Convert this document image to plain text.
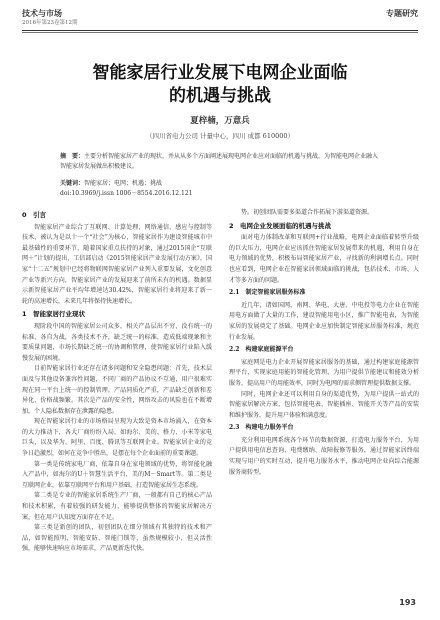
技术与市场
2016年第23卷第12期
专题研究
智能家居行业发展下电网企业面临
的机遇与挑战
夏梓楠，万意兵
（四川省电力公司 计量中心，四川 成都 610000）
摘　要：主要分析智能家居产业的现状，并从从多个方面阐述展现电网企业应对面临的机遇与挑战，为智能电网企业融入智能家居发展做出积极建议。
关键词：智能家居；电网；机遇；挑战
doi:10.3969/j.issn 1006－8554.2016.12.121
0　引言

智能家居产业综合了互联网、计算处理、网络通信、感应与控制等技术，被认为是以十一个“社会”为核心，智能家居作为建设智能城市中最基础性的重要环节，随着国家重点扶持的对象，通过2015国企“互联网＋”计划的提出，工信部启动《2015智能家居产业发展行动方案》，国家“十二五”规划中已经将物联网智能家居产业列入重要发展，文化创意产业等新兴方向，智能家居产业的发展迎来了前所未有的机遇。数据显示新智能家居产业平均年增速达30.42%，智能家居行业将迎来了新一轮的高速增长，未来几年将保持快速增长。

1　智能家居行业现状

现阶段中国的智能家居公司众多，相关产品层出不穷，没有统一的标准，各自为战，各类技术不齐，缺乏统一的标准，造成低端现象和主要质量问题，市场长期缺乏统一的协调和管理，使智能家居行业陷入缓慢发展的困境。

目前智能家居行业还存在诸多问题和安全隐患问题：首先，技术层面及与其他设备兼容性问题，不同厂商的产品协议不互通，用户很难实现在同一平台上统一的控制管理。产品同质化严重，产品缺乏创新和差异化，价格战频繁。其次是产品的安全性，网络攻击的风险也在不断增加，个人隐私数据存在泄露的隐患。

现在智能家居行业的市场格局呈现为大致是资本市场涌入，在资本的大力推动下，各大厂商纷纷入局，如海尔、美的、格力、小米等家电巨头，以及华为、阿里、百度、腾讯等互联网企业。智能家居企业的竞争日趋激烈，如何在竞争中胜出，是摆在每个企业面前的重要课题。

第一类是传统家电厂商，依靠自身在家电领域的优势，将智能化融入产品中，如海尔的U＋智慧生活平台，美的M－Smart等。第二类是互联网企业，依靠互联网平台和用户基础，打造智能家居生态系统。

第二类是专业的智能家居系统生产厂商，一般都有自己的核心产品和技术积累，有着较强的研发能力，能够提供整体的智能家居解决方案，但在用户认知度方面存在不足。

第三类是新创的团队，初创团队在细分领域有其独特的技术和产品，如智能照明、智能安防、智能门锁等，虽然规模较小，但灵活性强，能够快速响应市场需求，产品更新迭代快。

势。初创团队需要多渠道合作拓展下游渠道资源。

2　电网企业发展面临的机遇与挑战

面对电力体制改革和互联网+行业战略，电网企业面临着转型升级的巨大压力，电网企业应该抓住智能家居发展带来的机遇，利用自身在电力领域的优势，积极布局智能家居产业，寻找新的利润增长点。同时也应看到，电网企业在智能家居领域面临的挑战，包括技术、市场、人才等多方面的问题。

2.1　制定智能家居服务标准

近几年，诸如国网、南网、华电、大唐、中电投等电力企业在智能用电方面做了大量的工作，建设智能用电小区，推广智能电表，为智能家居的发展奠定了基础。电网企业应加快制定智能家居服务标准，规范行业发展。

2.2　构建家庭能源平台

家庭网是电力企业开展智能家居服务的基础，通过构建家庭能源管理平台，实现家庭用能的智能化管理，为用户提供节能建议和能效分析服务，提高用户的用能效率，同时为电网的需求侧管理提供数据支撑。

同时，电网企业还可以利用自身的渠道优势，为用户提供一站式的智能家居解决方案，包括智能电表、智能插座、智能开关等产品的安装和维护服务，提升用户体验和满意度。

2.3　构建电力服务平台

充分利用电网系统各个环节的数据资源，打造电力服务平台，为用户提供用电信息查询、电费缴纳、故障报修等服务，通过智能家居终端实现与用户的实时互动，提升电力服务水平，推动电网企业向综合能源服务商转型。

193
